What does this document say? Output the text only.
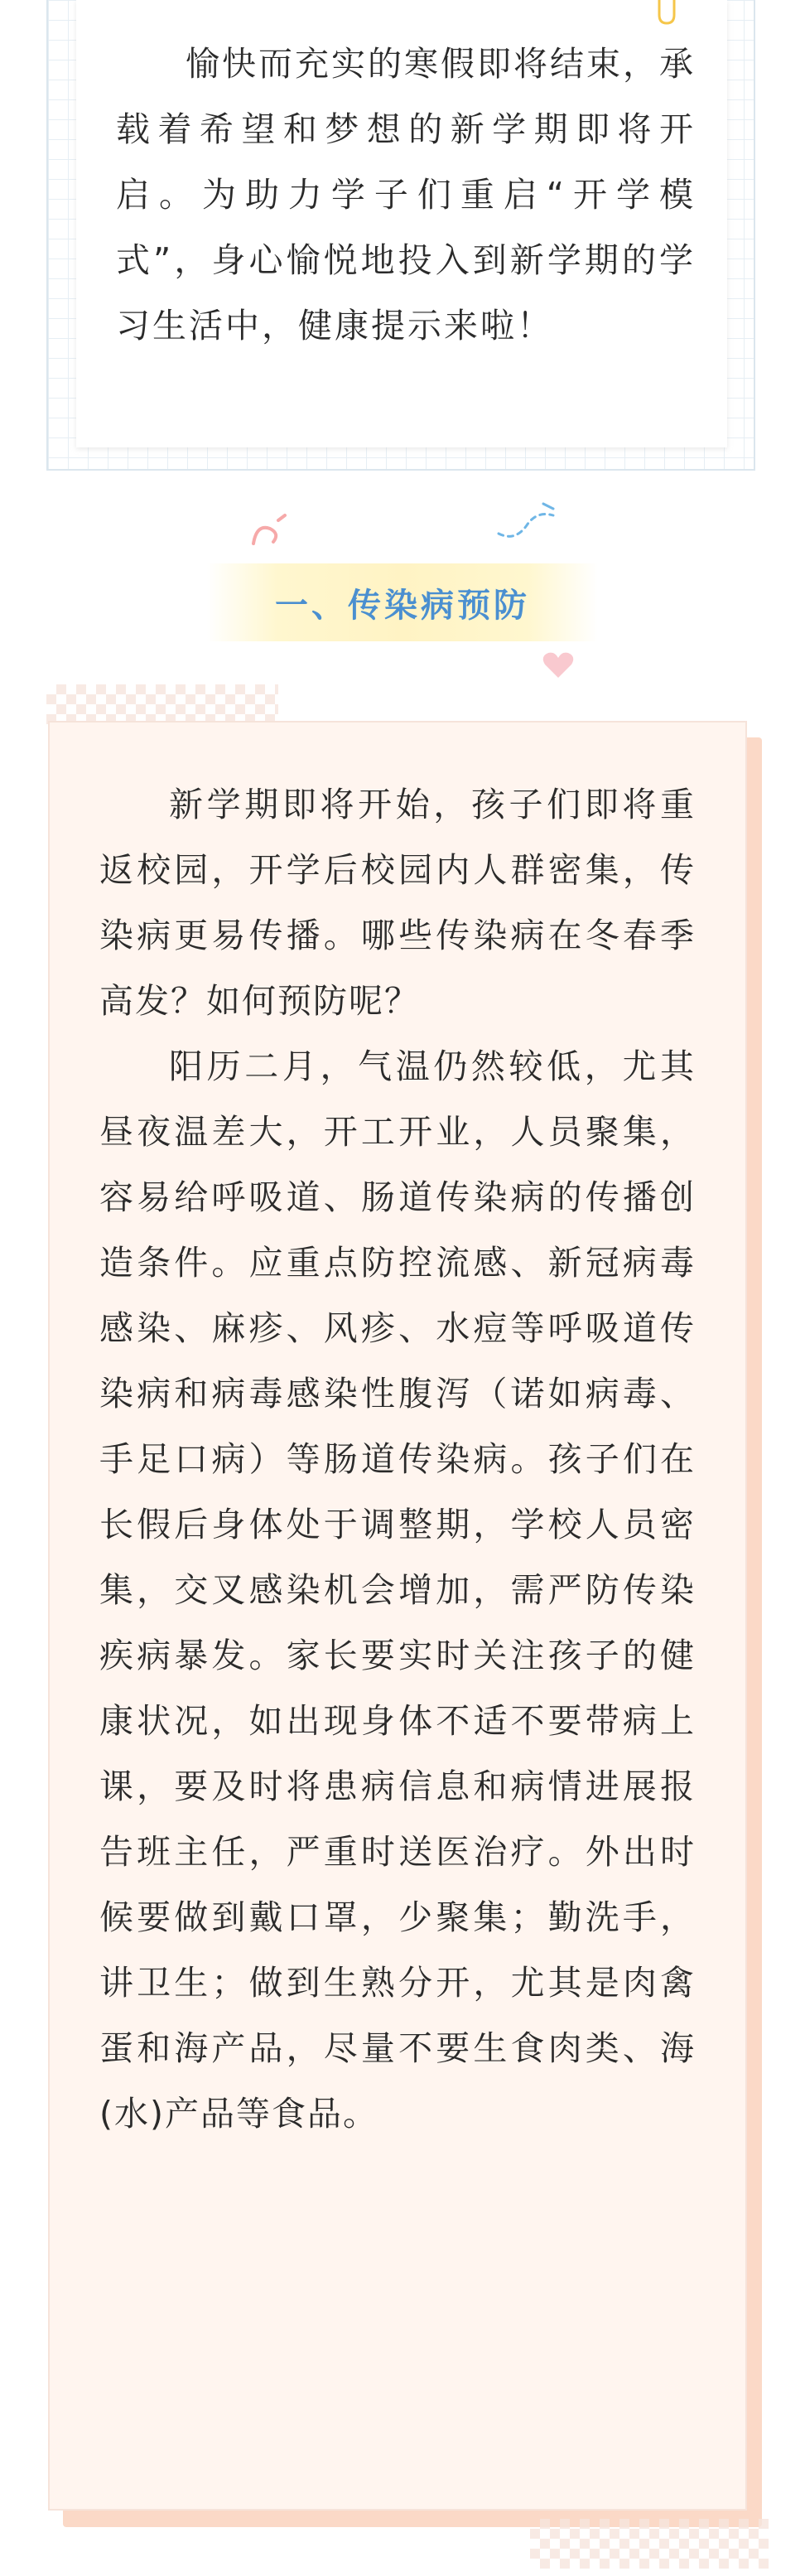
愉快而充实的寒假即将结束，承载着希望和梦想的新学期即将开启。为助力学子们重启“开学模式”，身心愉悦地投入到新学期的学习生活中，健康提示来啦！

一、传染病预防

新学期即将开始，孩子们即将重返校园，开学后校园内人群密集，传染病更易传播。哪些传染病在冬春季高发？如何预防呢？

阳历二月，气温仍然较低，尤其昼夜温差大，开工开业，人员聚集，容易给呼吸道、肠道传染病的传播创造条件。应重点防控流感、新冠病毒感染、麻疹、风疹、水痘等呼吸道传染病和病毒感染性腹泻（诺如病毒、手足口病）等肠道传染病。孩子们在长假后身体处于调整期，学校人员密集，交叉感染机会增加，需严防传染疾病暴发。家长要实时关注孩子的健康状况，如出现身体不适不要带病上课，要及时将患病信息和病情进展报告班主任，严重时送医治疗。外出时候要做到戴口罩，少聚集；勤洗手，讲卫生；做到生熟分开，尤其是肉禽蛋和海产品，尽量不要生食肉类、海(水)产品等食品。
